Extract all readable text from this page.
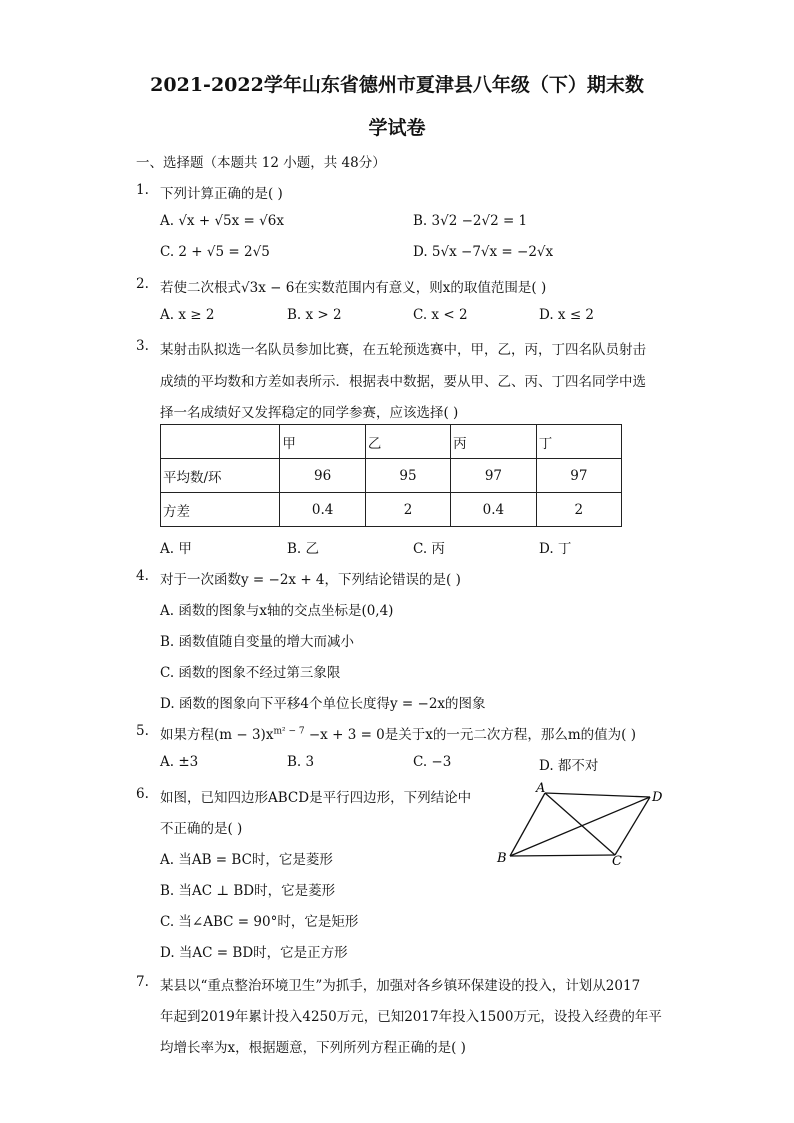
2021-2022学年山东省德州市夏津县八年级（下）期末数
学试卷
一、选择题（本题共 12 小题，共 48分）
1. 下列计算正确的是( )
A. √x + √5x = √6x	B. 3√2 −2√2 = 1
C. 2 + √5 = 2√5	D. 5√x −7√x = −2√x
2. 若使二次根式√3x − 6在实数范围内有意义，则x的取值范围是( )
A. x ≥ 2	B. x > 2	C. x < 2	D. x ≤ 2
3. 某射击队拟选一名队员参加比赛，在五轮预选赛中，甲，乙，丙，丁四名队员射击
成绩的平均数和方差如表所示．根据表中数据，要从甲、乙、丙、丁四名同学中选
择一名成绩好又发挥稳定的同学参赛，应该选择( )
	甲	乙	丙	丁
平均数/环	96	95	97	97
方差	0.4	2	0.4	2
A. 甲	B. 乙	C. 丙	D. 丁
4. 对于一次函数y = −2x + 4，下列结论错误的是( )
A. 函数的图象与x轴的交点坐标是(0,4)
B. 函数值随自变量的增大而减小
C. 函数的图象不经过第三象限
D. 函数的图象向下平移4个单位长度得y = −2x的图象
5. 如果方程$(m - 3)x^{m^2 - 7} -x + 3 = 0$是关于x的一元二次方程，那么m的值为( )
A. ±3	B. 3	C. −3	D. 都不对
6. 如图，已知四边形ABCD是平行四边形，下列结论中
不正确的是( )
A. 当AB = BC时，它是菱形
B. 当AC ⊥ BD时，它是菱形
C. 当∠ABC = 90°时，它是矩形
D. 当AC = BD时，它是正方形
A
D
B	C
7. 某县以“重点整治环境卫生”为抓手，加强对各乡镇环保建设的投入，计划从2017
年起到2019年累计投入4250万元，已知2017年投入1500万元，设投入经费的年平
均增长率为x，根据题意，下列所列方程正确的是( )
